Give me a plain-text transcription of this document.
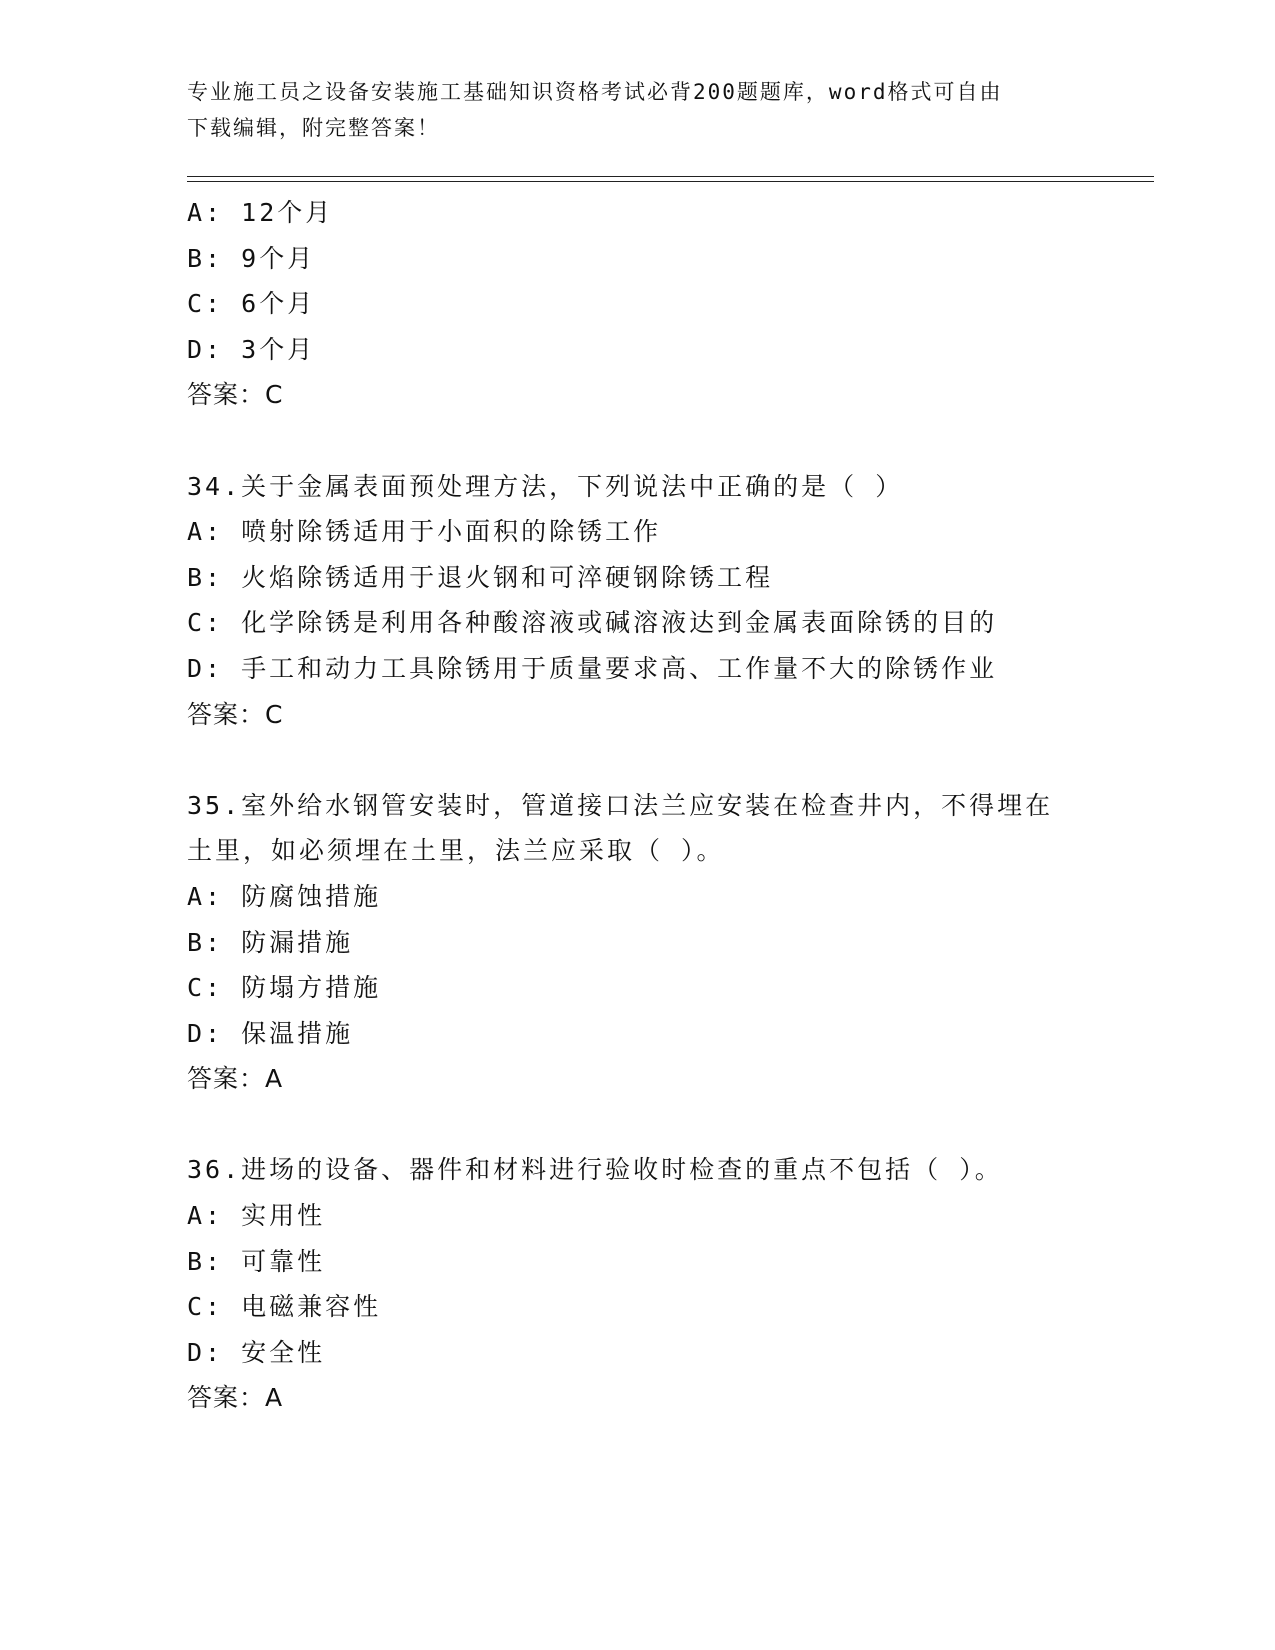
专业施工员之设备安装施工基础知识资格考试必背200题题库，word格式可自由
下载编辑，附完整答案！
A: 12个月
B: 9个月
C: 6个月
D: 3个月
答案：C
34.关于金属表面预处理方法，下列说法中正确的是（ ）
A: 喷射除锈适用于小面积的除锈工作
B: 火焰除锈适用于退火钢和可淬硬钢除锈工程
C: 化学除锈是利用各种酸溶液或碱溶液达到金属表面除锈的目的
D: 手工和动力工具除锈用于质量要求高、工作量不大的除锈作业
答案：C
35.室外给水钢管安装时，管道接口法兰应安装在检查井内，不得埋在
土里，如必须埋在土里，法兰应采取（ ）。
A: 防腐蚀措施
B: 防漏措施
C: 防塌方措施
D: 保温措施
答案：A
36.进场的设备、器件和材料进行验收时检查的重点不包括（ ）。
A: 实用性
B: 可靠性
C: 电磁兼容性
D: 安全性
答案：A
